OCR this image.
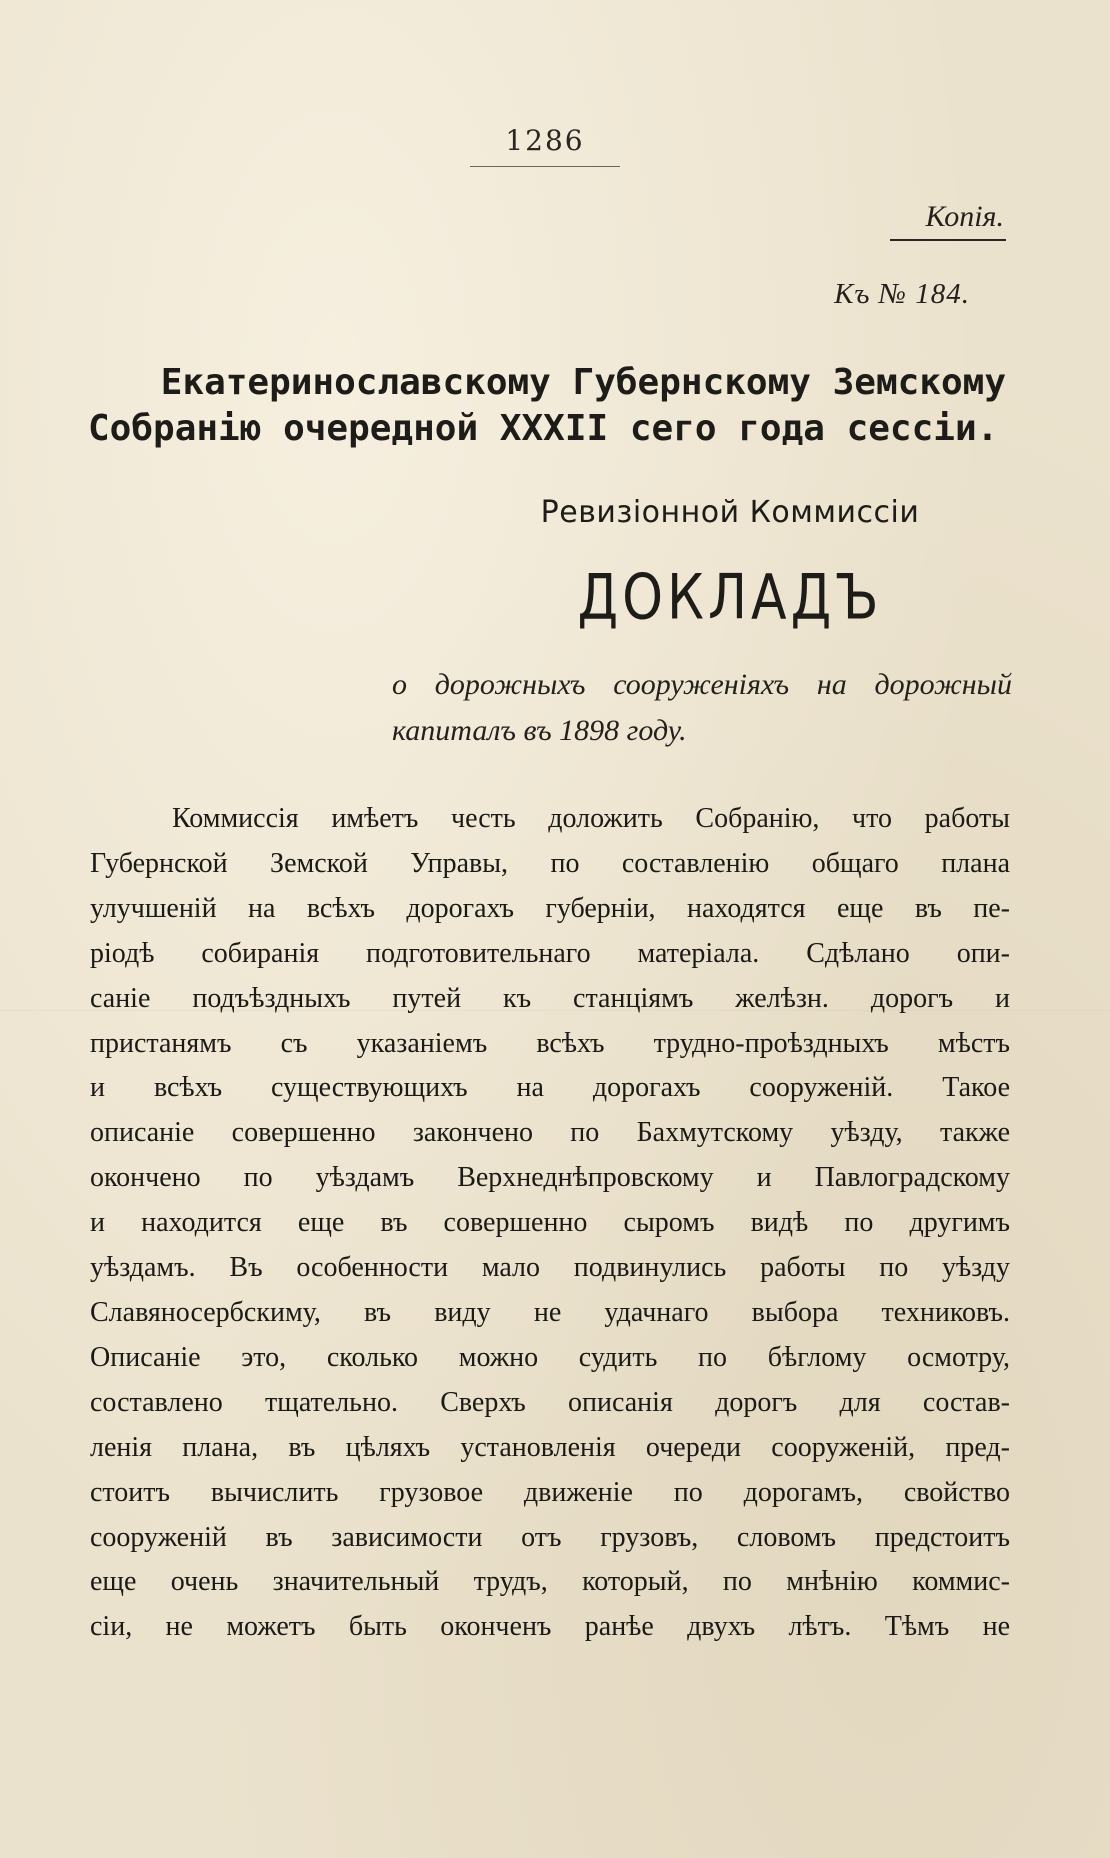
1286
Копія.
Къ № 184.
Екатеринославскому Губернскому Земскому
Собранію очередной XXXII сего года сессіи.
Ревизіонной Коммиссіи
ДОКЛАДЪ
о дорожныхъ сооруженіяхъ на дорожный
капиталъ въ 1898 году.
Коммиссія имѣетъ честь доложить Собранію, что работы
Губернской Земской Управы, по составленію общаго плана
улучшеній на всѣхъ дорогахъ губерніи, находятся еще въ пе-
ріодѣ собиранія подготовительнаго матеріала. Сдѣлано опи-
саніе подъѣздныхъ путей къ станціямъ желѣзн. дорогъ и
пристанямъ съ указаніемъ всѣхъ трудно-проѣздныхъ мѣстъ
и всѣхъ существующихъ на дорогахъ сооруженій. Такое
описаніе совершенно закончено по Бахмутскому уѣзду, также
окончено по уѣздамъ Верхнеднѣпровскому и Павлоградскому
и находится еще въ совершенно сыромъ видѣ по другимъ
уѣздамъ. Въ особенности мало подвинулись работы по уѣзду
Славяносербскиму, въ виду не удачнаго выбора техниковъ.
Описаніе это, сколько можно судить по бѣглому осмотру,
составлено тщательно. Сверхъ описанія дорогъ для состав-
ленія плана, въ цѣляхъ установленія очереди сооруженій, пред-
стоитъ вычислить грузовое движеніе по дорогамъ, свойство
сооруженій въ зависимости отъ грузовъ, словомъ предстоитъ
еще очень значительный трудъ, который, по мнѣнію коммис-
сіи, не можетъ быть оконченъ ранѣе двухъ лѣтъ. Тѣмъ не
